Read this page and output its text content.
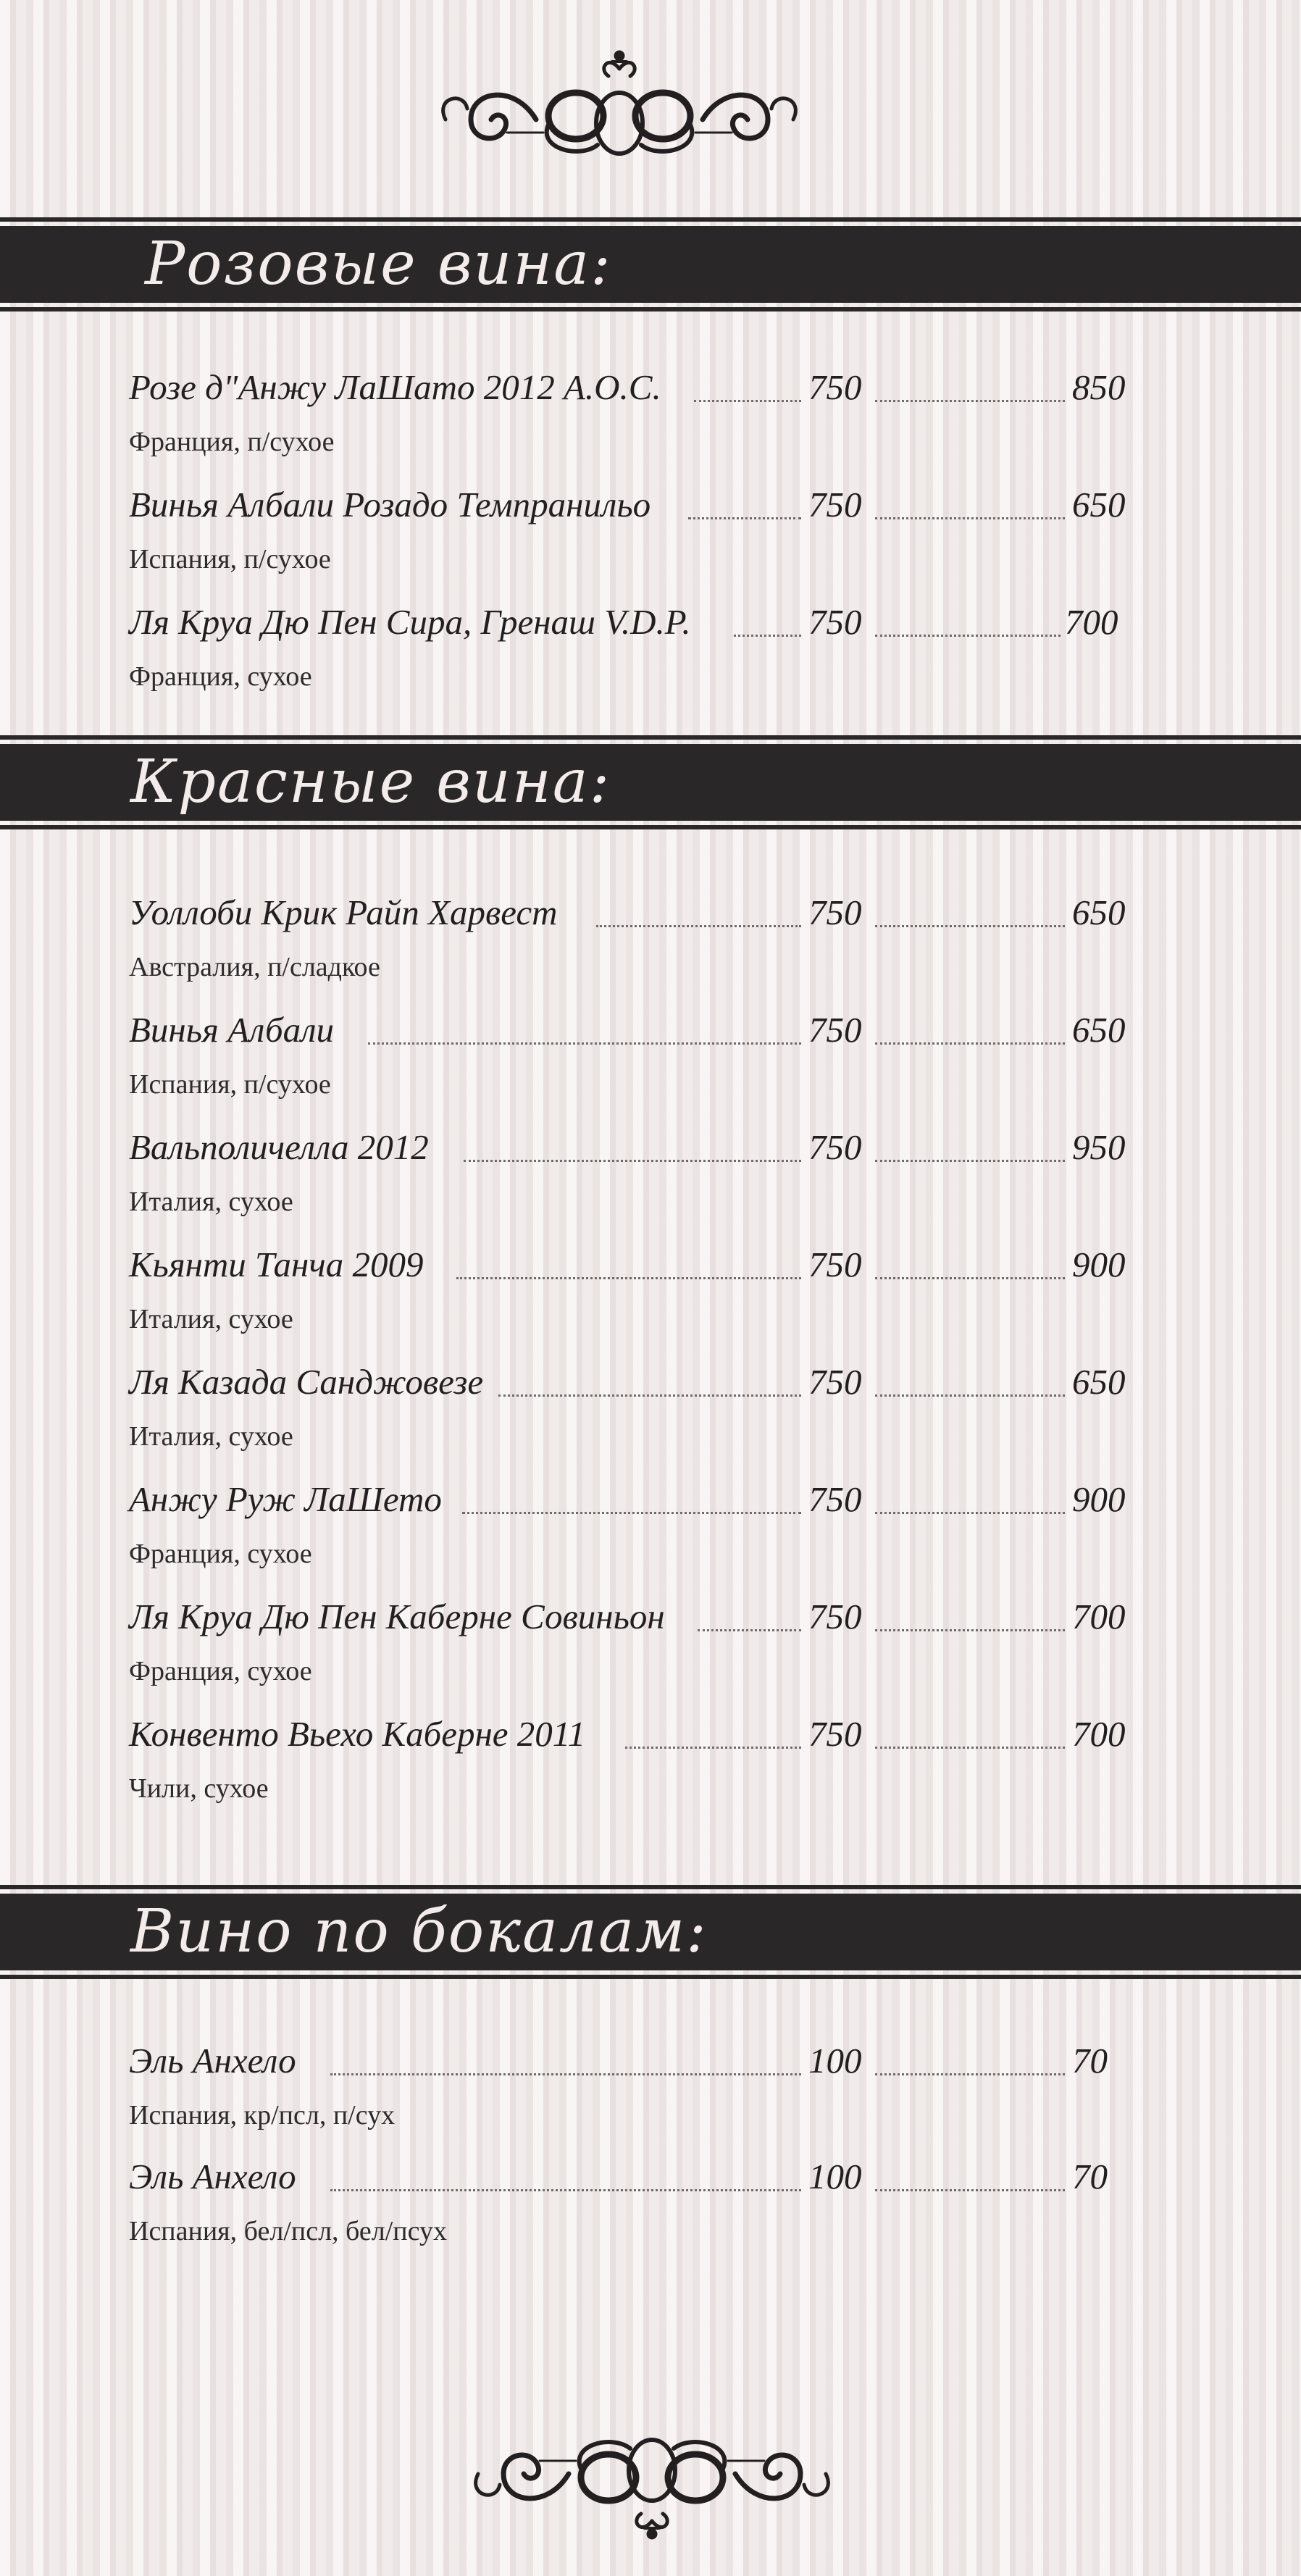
Розовые вина:
Розе д"Анжу ЛаШато 2012 А.О.С.	750	850
Франция, п/сухое
Винья Албали Розадо Темпранильо	750	650
Испания, п/сухое
Ля Круа Дю Пен Сира, Гренаш V.D.P.	750	700
Франция, сухое
Красные вина:
Уоллоби Крик Райп Харвест	750	650
Австралия, п/сладкое
Винья Албали	750	650
Испания, п/сухое
Вальполичелла 2012	750	950
Италия, сухое
Кьянти Танча 2009	750	900
Италия, сухое
Ля Казада Санджовезе	750	650
Италия, сухое
Анжу Руж ЛаШето	750	900
Франция, сухое
Ля Круа Дю Пен Каберне Совиньон	750	700
Франция, сухое
Конвенто Вьехо Каберне 2011	750	700
Чили, сухое
Вино по бокалам:
Эль Анхело	100	70
Испания, кр/псл, п/сух
Эль Анхело	100	70
Испания, бел/псл, бел/псух
